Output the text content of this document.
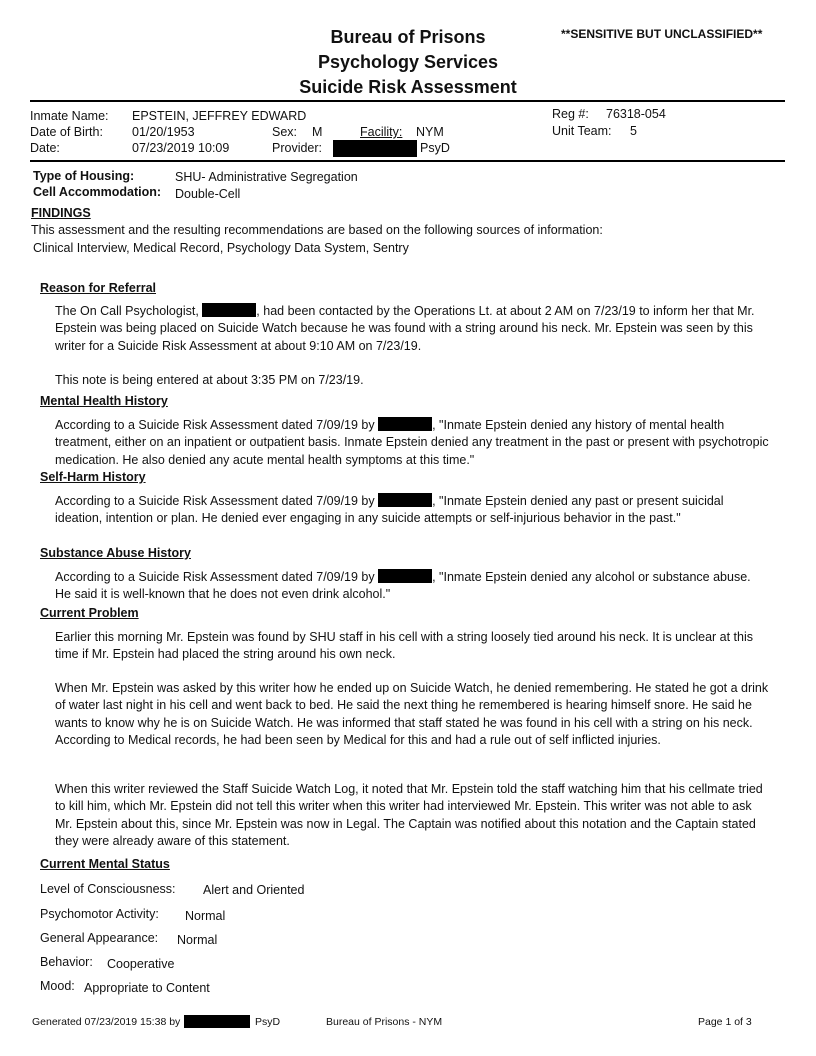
Bureau of Prisons
Psychology Services
Suicide Risk Assessment
**SENSITIVE BUT UNCLASSIFIED**
Inmate Name: EPSTEIN, JEFFREY EDWARD
Date of Birth: 01/20/1953	Sex: M	Facility: NYM
Date:	07/23/2019 10:09	Provider:	PsyD
Reg #: 76318-054
Unit Team: 5
Type of Housing:	SHU- Administrative Segregation
Cell Accommodation: Double-Cell
FINDINGS
This assessment and the resulting recommendations are based on the following sources of information:
Clinical Interview, Medical Record, Psychology Data System, Sentry
Reason for Referral
The On Call Psychologist,	, had been contacted by the Operations Lt. at about 2 AM on 7/23/19 to inform her that Mr. Epstein was being placed on Suicide Watch because he was found with a string around his neck. Mr. Epstein was seen by this writer for a Suicide Risk Assessment at about 9:10 AM on 7/23/19.
This note is being entered at about 3:35 PM on 7/23/19.
Mental Health History
According to a Suicide Risk Assessment dated 7/09/19 by	, "Inmate Epstein denied any history of mental health treatment, either on an inpatient or outpatient basis. Inmate Epstein denied any treatment in the past or present with psychotropic medication. He also denied any acute mental health symptoms at this time."
Self-Harm History
According to a Suicide Risk Assessment dated 7/09/19 by	, "Inmate Epstein denied any past or present suicidal ideation, intention or plan. He denied ever engaging in any suicide attempts or self-injurious behavior in the past."
Substance Abuse History
According to a Suicide Risk Assessment dated 7/09/19 by	, "Inmate Epstein denied any alcohol or substance abuse. He said it is well-known that he does not even drink alcohol."
Current Problem
Earlier this morning Mr. Epstein was found by SHU staff in his cell with a string loosely tied around his neck. It is unclear at this time if Mr. Epstein had placed the string around his own neck.
When Mr. Epstein was asked by this writer how he ended up on Suicide Watch, he denied remembering. He stated he got a drink of water last night in his cell and went back to bed. He said the next thing he remembered is hearing himself snore. He said he wants to know why he is on Suicide Watch. He was informed that staff stated he was found in his cell with a string on his neck. According to Medical records, he had been seen by Medical for this and had a rule out of self inflicted injuries.
When this writer reviewed the Staff Suicide Watch Log, it noted that Mr. Epstein told the staff watching him that his cellmate tried to kill him, which Mr. Epstein did not tell this writer when this writer had interviewed Mr. Epstein. This writer was not able to ask Mr. Epstein about this, since Mr. Epstein was now in Legal. The Captain was notified about this notation and the Captain stated they were already aware of this statement.
Current Mental Status
Level of Consciousness: Alert and Oriented
Psychomotor Activity: Normal
General Appearance: Normal
Behavior: Cooperative
Mood: Appropriate to Content
Generated 07/23/2019 15:38 by	PsyD	Bureau of Prisons - NYM	Page 1 of 3
